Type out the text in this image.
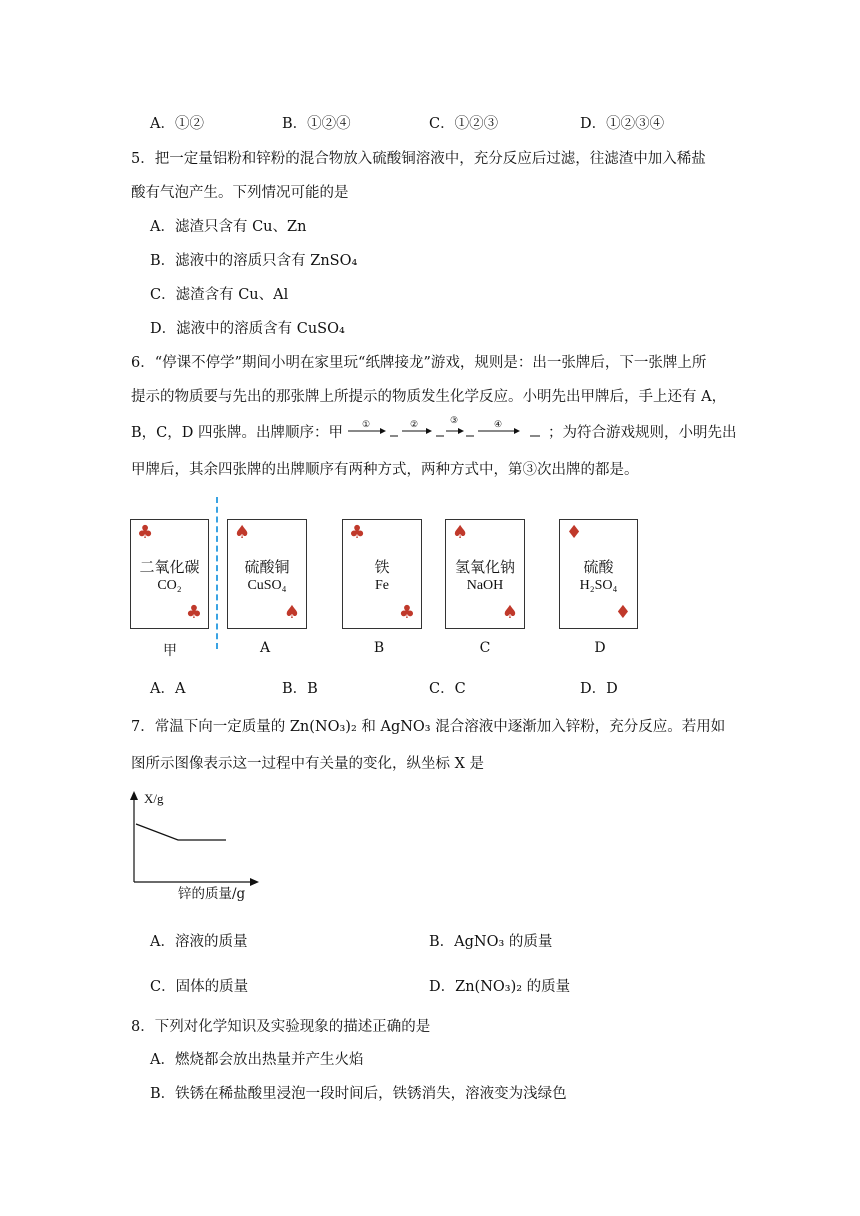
A．①②	B．①②④	C．①②③	D．①②③④
5．把一定量铝粉和锌粉的混合物放入硫酸铜溶液中，充分反应后过滤，往滤渣中加入稀盐
酸有气泡产生。下列情况可能的是
A．滤渣只含有 Cu、Zn
B．滤液中的溶质只含有 ZnSO₄
C．滤渣含有 Cu、Al
D．滤液中的溶质含有 CuSO₄
6．“停课不停学”期间小明在家里玩“纸牌接龙”游戏，规则是：出一张牌后，下一张牌上所
提示的物质要与先出的那张牌上所提示的物质发生化学反应。小明先出甲牌后，手上还有 A，
B，C，D 四张牌。出牌顺序：甲 ①	②	③	④	；为符合游戏规则，小明先出
甲牌后，其余四张牌的出牌顺序有两种方式，两种方式中，第③次出牌的都是。
♣
二氧化碳
CO₂
♣
♠
硫酸铜
CuSO₄
♠
♣
铁
Fe
♣
♠
氢氧化钠
NaOH
♠
♦
硫酸
H₂SO₄
♦
甲	A	B	C	D
A．A	B．B	C．C	D．D
7．常温下向一定质量的 Zn(NO₃)₂ 和 AgNO₃ 混合溶液中逐渐加入锌粉，充分反应。若用如
图所示图像表示这一过程中有关量的变化，纵坐标 X 是
X/g
锌的质量/g
A．溶液的质量	B．AgNO₃ 的质量
C．固体的质量	D．Zn(NO₃)₂ 的质量
8．下列对化学知识及实验现象的描述正确的是
A．燃烧都会放出热量并产生火焰
B．铁锈在稀盐酸里浸泡一段时间后，铁锈消失，溶液变为浅绿色
